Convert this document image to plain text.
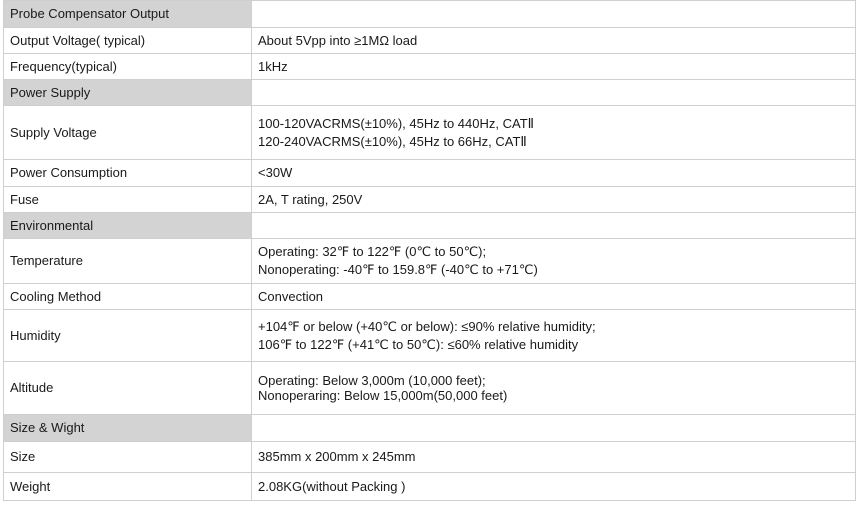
Probe Compensator Output	
Output Voltage( typical)	About 5Vpp into ≥1MΩ load
Frequency(typical)	1kHz
Power Supply	
Supply Voltage	100-120VACRMS(±10%), 45Hz to 440Hz, CATⅡ
120-240VACRMS(±10%), 45Hz to 66Hz, CATⅡ

Power Consumption	<30W
Fuse	2A, T rating, 250V
Environmental	
Temperature	Operating: 32℉ to 122℉ (0℃ to 50℃);
Nonoperating: -40℉ to 159.8℉ (-40℃ to +71℃)

Cooling Method	Convection
Humidity	+104℉ or below (+40℃ or below): ≤90% relative humidity;
106℉ to 122℉ (+41℃ to 50℃): ≤60% relative humidity

Altitude	Operating: Below 3,000m (10,000 feet);
Nonoperaring: Below 15,000m(50,000 feet)

Size & Wight	
Size	385mm x 200mm x 245mm
Weight	2.08KG(without Packing )
